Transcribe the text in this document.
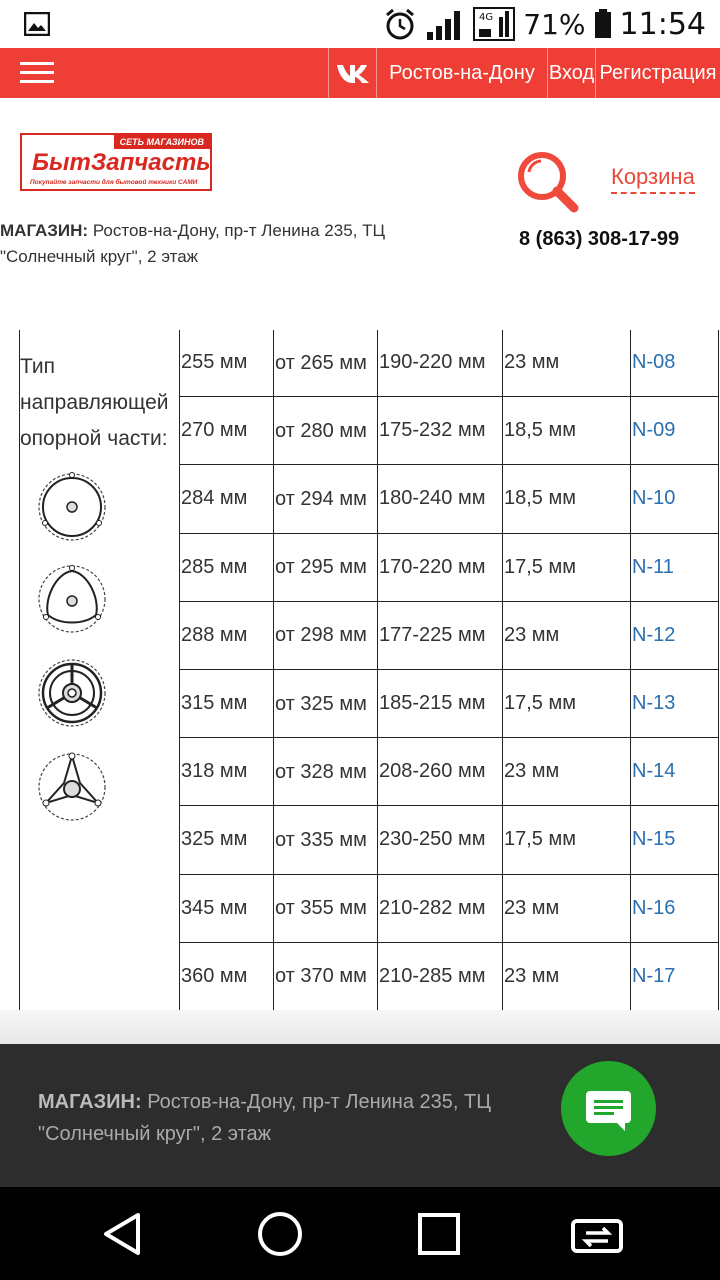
4G 71% 11:54
Ростов-на-Дону Вход Регистрация
СЕТЬ МАГАЗИНОВ
БытЗапчасть
Покупайте запчасти для бытовой техники САМИ	Корзина
МАГАЗИН: Ростов-на-Дону, пр-т Ленина 235, ТЦ "Солнечный круг", 2 этаж
8 (863) 308-17-99
Тип направляющей опорной части:	255 мм	от 265 мм	190-220 мм	23 мм	N-08
	270 мм	от 280 мм	175-232 мм	18,5 мм	N-09
	284 мм	от 294 мм	180-240 мм	18,5 мм	N-10
	285 мм	от 295 мм	170-220 мм	17,5 мм	N-11
	288 мм	от 298 мм	177-225 мм	23 мм	N-12
	315 мм	от 325 мм	185-215 мм	17,5 мм	N-13
	318 мм	от 328 мм	208-260 мм	23 мм	N-14
	325 мм	от 335 мм	230-250 мм	17,5 мм	N-15
	345 мм	от 355 мм	210-282 мм	23 мм	N-16
	360 мм	от 370 мм	210-285 мм	23 мм	N-17
МАГАЗИН: Ростов-на-Дону, пр-т Ленина 235, ТЦ "Солнечный круг", 2 этаж
